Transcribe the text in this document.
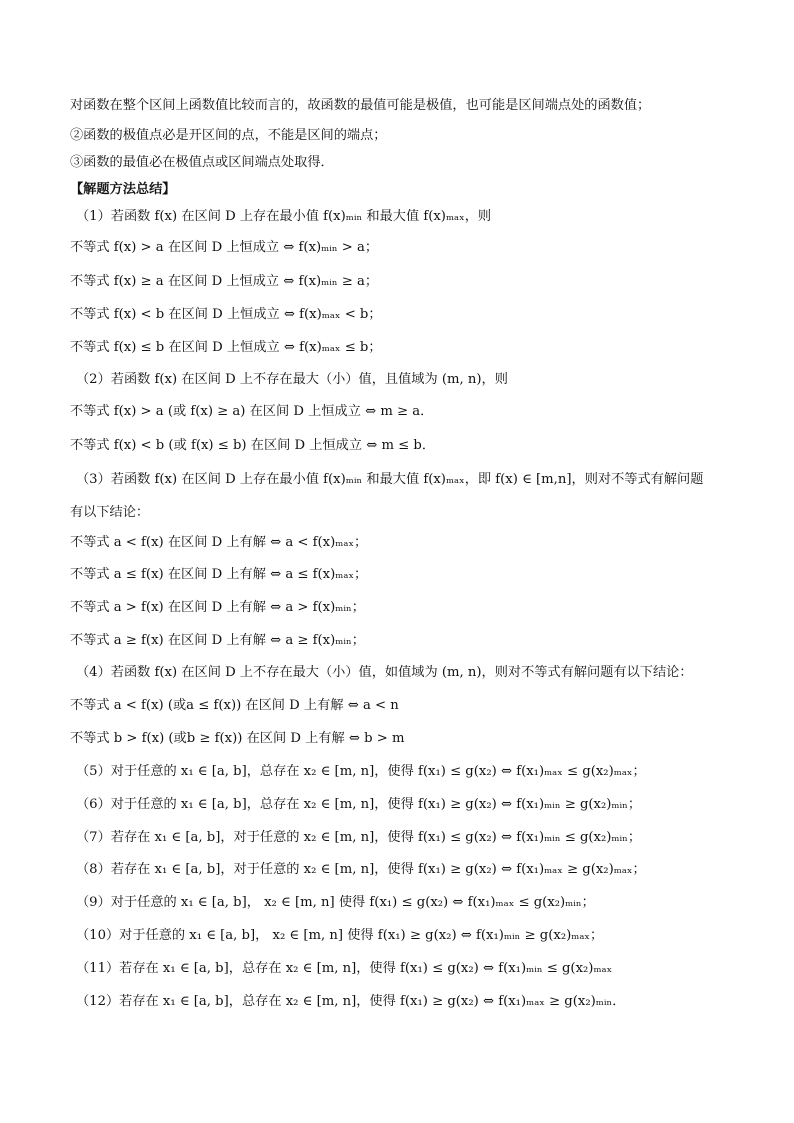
对函数在整个区间上函数值比较而言的，故函数的最值可能是极值，也可能是区间端点处的函数值；
②函数的极值点必是开区间的点，不能是区间的端点；
③函数的最值必在极值点或区间端点处取得．
【解题方法总结】
（1）若函数 f(x) 在区间 D 上存在最小值 f(x)ₘᵢₙ 和最大值 f(x)ₘₐₓ，则
不等式 f(x) > a 在区间 D 上恒成立 ⇔ f(x)ₘᵢₙ > a；
不等式 f(x) ≥ a 在区间 D 上恒成立 ⇔ f(x)ₘᵢₙ ≥ a；
不等式 f(x) < b 在区间 D 上恒成立 ⇔ f(x)ₘₐₓ < b；
不等式 f(x) ≤ b 在区间 D 上恒成立 ⇔ f(x)ₘₐₓ ≤ b；
（2）若函数 f(x) 在区间 D 上不存在最大（小）值，且值域为 (m, n)，则
不等式 f(x) > a (或 f(x) ≥ a) 在区间 D 上恒成立 ⇔ m ≥ a．
不等式 f(x) < b (或 f(x) ≤ b) 在区间 D 上恒成立 ⇔ m ≤ b．
（3）若函数 f(x) 在区间 D 上存在最小值 f(x)ₘᵢₙ 和最大值 f(x)ₘₐₓ，即 f(x) ∈ [m,n]，则对不等式有解问题
有以下结论：
不等式 a < f(x) 在区间 D 上有解 ⇔ a < f(x)ₘₐₓ；
不等式 a ≤ f(x) 在区间 D 上有解 ⇔ a ≤ f(x)ₘₐₓ；
不等式 a > f(x) 在区间 D 上有解 ⇔ a > f(x)ₘᵢₙ；
不等式 a ≥ f(x) 在区间 D 上有解 ⇔ a ≥ f(x)ₘᵢₙ；
（4）若函数 f(x) 在区间 D 上不存在最大（小）值，如值域为 (m, n)，则对不等式有解问题有以下结论：
不等式 a < f(x) (或a ≤ f(x)) 在区间 D 上有解 ⇔ a < n
不等式 b > f(x) (或b ≥ f(x)) 在区间 D 上有解 ⇔ b > m
（5）对于任意的 x₁ ∈ [a, b]，总存在 x₂ ∈ [m, n]，使得 f(x₁) ≤ g(x₂) ⇔ f(x₁)ₘₐₓ ≤ g(x₂)ₘₐₓ；
（6）对于任意的 x₁ ∈ [a, b]，总存在 x₂ ∈ [m, n]，使得 f(x₁) ≥ g(x₂) ⇔ f(x₁)ₘᵢₙ ≥ g(x₂)ₘᵢₙ；
（7）若存在 x₁ ∈ [a, b]，对于任意的 x₂ ∈ [m, n]，使得 f(x₁) ≤ g(x₂) ⇔ f(x₁)ₘᵢₙ ≤ g(x₂)ₘᵢₙ；
（8）若存在 x₁ ∈ [a, b]，对于任意的 x₂ ∈ [m, n]，使得 f(x₁) ≥ g(x₂) ⇔ f(x₁)ₘₐₓ ≥ g(x₂)ₘₐₓ；
（9）对于任意的 x₁ ∈ [a, b]， x₂ ∈ [m, n] 使得 f(x₁) ≤ g(x₂) ⇔ f(x₁)ₘₐₓ ≤ g(x₂)ₘᵢₙ；
（10）对于任意的 x₁ ∈ [a, b]， x₂ ∈ [m, n] 使得 f(x₁) ≥ g(x₂) ⇔ f(x₁)ₘᵢₙ ≥ g(x₂)ₘₐₓ；
（11）若存在 x₁ ∈ [a, b]，总存在 x₂ ∈ [m, n]，使得 f(x₁) ≤ g(x₂) ⇔ f(x₁)ₘᵢₙ ≤ g(x₂)ₘₐₓ
（12）若存在 x₁ ∈ [a, b]，总存在 x₂ ∈ [m, n]，使得 f(x₁) ≥ g(x₂) ⇔ f(x₁)ₘₐₓ ≥ g(x₂)ₘᵢₙ．
